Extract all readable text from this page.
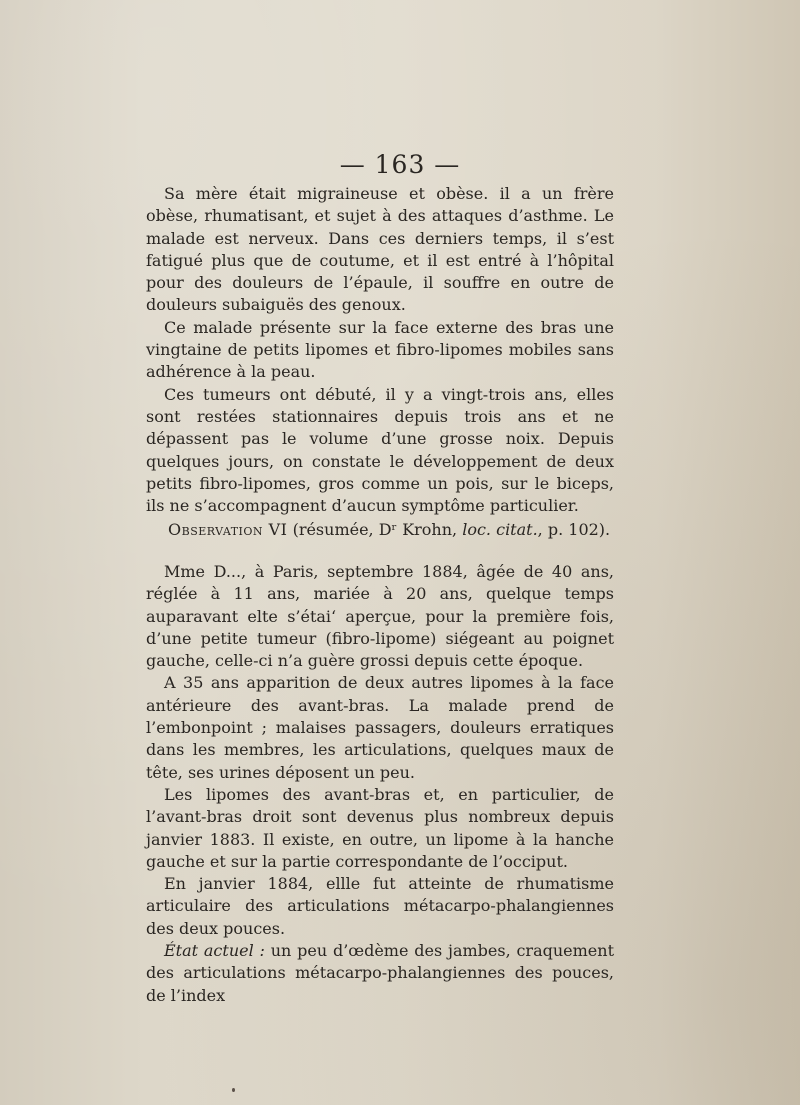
— 163 —

Sa mère était migraineuse et obèse. il a un frère obèse, rhumatisant, et sujet à des attaques d’asthme. Le malade est nerveux. Dans ces derniers temps, il s’est fatigué plus que de coutume, et il est entré à l’hôpital pour des douleurs de l’épaule, il souffre en outre de douleurs subaiguës des genoux.

Ce malade présente sur la face externe des bras une vingtaine de petits lipomes et fibro-lipomes mobiles sans adhérence à la peau.

Ces tumeurs ont débuté, il y a vingt-trois ans, elles sont restées stationnaires depuis trois ans et ne dépassent pas le volume d’une grosse noix. Depuis quelques jours, on constate le développement de deux petits fibro-lipomes, gros comme un pois, sur le biceps, ils ne s’accompagnent d’aucun symptôme particulier.

Observation VI (résumée, Dʳ Krohn, loc. citat., p. 102).

Mme D..., à Paris, septembre 1884, âgée de 40 ans, réglée à 11 ans, mariée à 20 ans, quelque temps auparavant elte s’étai‘ aperçue, pour la première fois, d’une petite tumeur (fibro-lipome) siégeant au poignet gauche, celle-ci n’a guère grossi depuis cette époque.

A 35 ans apparition de deux autres lipomes à la face antérieure des avant-bras. La malade prend de l’embonpoint ; malaises passagers, douleurs erratiques dans les membres, les articulations, quelques maux de tête, ses urines déposent un peu.

Les lipomes des avant-bras et, en particulier, de l’avant-bras droit sont devenus plus nombreux depuis janvier 1883. Il existe, en outre, un lipome à la hanche gauche et sur la partie correspondante de l’occiput.

En janvier 1884, ellle fut atteinte de rhumatisme articulaire des articulations métacarpo-phalangiennes des deux pouces.

État actuel : un peu d’œdème des jambes, craquement des articulations métacarpo-phalangiennes des pouces, de l’index
